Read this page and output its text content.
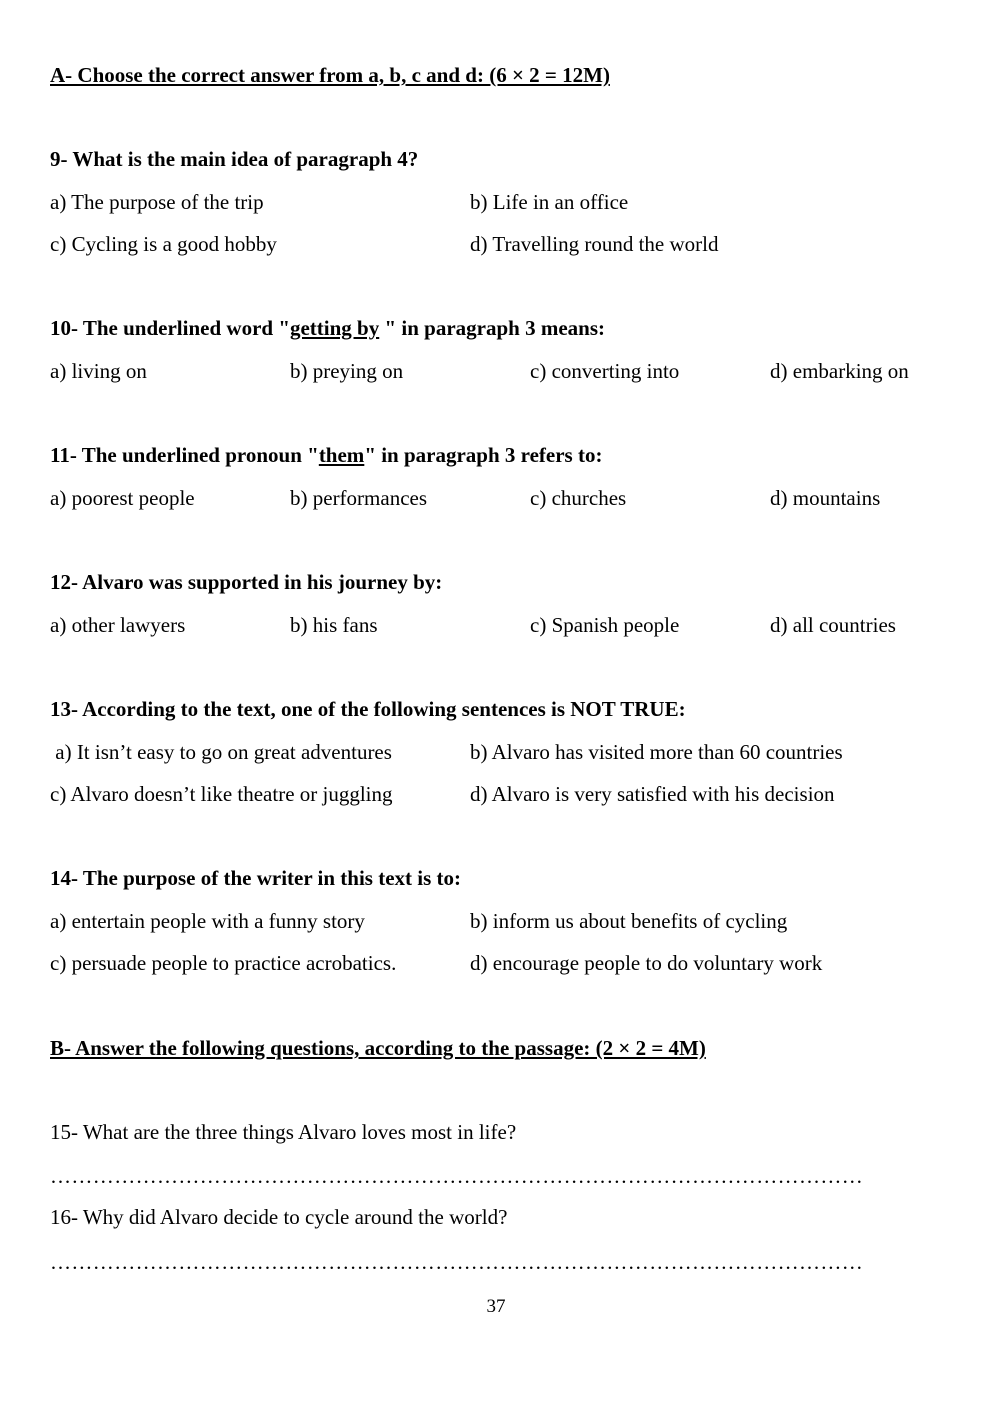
A- Choose the correct answer from a, b, c and d: (6 × 2 = 12M)
9- What is the main idea of paragraph 4?
a) The purpose of the trip	b) Life in an office
c) Cycling is a good hobby	d) Travelling round the world
10- The underlined word "getting by " in paragraph 3 means:
a) living on	b) preying on	c) converting into	d) embarking on
11- The underlined pronoun "them" in paragraph 3 refers to:
a) poorest people	b) performances	c) churches	d) mountains
12- Alvaro was supported in his journey by:
a) other lawyers	b) his fans	c) Spanish people	d) all countries
13- According to the text, one of the following sentences is NOT TRUE:
a) It isn’t easy to go on great adventures	b) Alvaro has visited more than 60 countries
c) Alvaro doesn’t like theatre or juggling	d) Alvaro is very satisfied with his decision
14- The purpose of the writer in this text is to:
a) entertain people with a funny story	b) inform us about benefits of cycling
c) persuade people to practice acrobatics.	d) encourage people to do voluntary work
B- Answer the following questions, according to the passage: (2 × 2 = 4M)
15- What are the three things Alvaro loves most in life?
……………………………………………………………………………………………………
16- Why did Alvaro decide to cycle around the world?
……………………………………………………………………………………………………
37
